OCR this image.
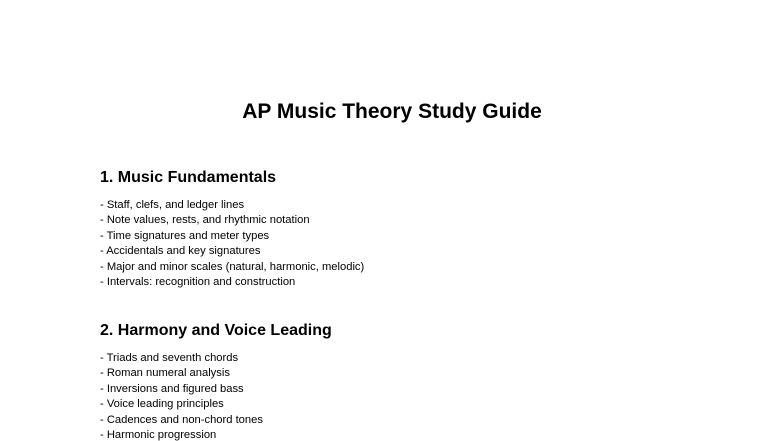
AP Music Theory Study Guide
1. Music Fundamentals
- Staff, clefs, and ledger lines
- Note values, rests, and rhythmic notation
- Time signatures and meter types
- Accidentals and key signatures
- Major and minor scales (natural, harmonic, melodic)
- Intervals: recognition and construction
2. Harmony and Voice Leading
- Triads and seventh chords
- Roman numeral analysis
- Inversions and figured bass
- Voice leading principles
- Cadences and non-chord tones
- Harmonic progression
